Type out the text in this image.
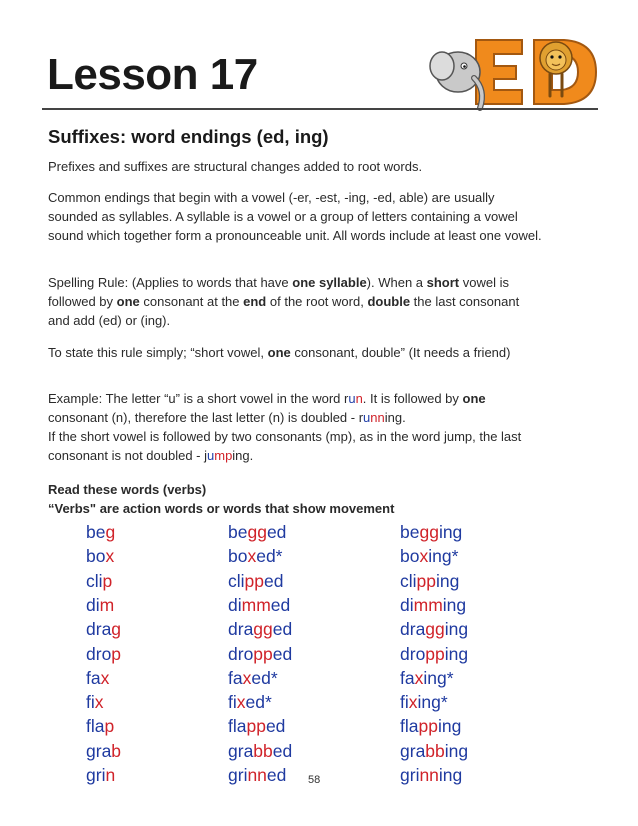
Lesson 17
Suffixes: word endings (ed, ing)
Prefixes and suffixes are structural changes added to root words.
Common endings that begin with a vowel (-er, -est, -ing, -ed, able) are usually
sounded as syllables. A syllable is a vowel or a group of letters containing a vowel
sound which together form a pronounceable unit. All words include at least one vowel.
Spelling Rule: (Applies to words that have one syllable). When a short vowel is
followed by one consonant at the end of the root word, double the last consonant
and add (ed) or (ing).
To state this rule simply; “short vowel, one consonant, double” (It needs a friend)
Example: The letter “u” is a short vowel in the word run. It is followed by one
consonant (n), therefore the last letter (n) is doubled - running.
If the short vowel is followed by two consonants (mp), as in the word jump, the last
consonant is not doubled - jumping.
Read these words (verbs)
“Verbs" are action words or words that show movement
beg	begged	begging
box	boxed*	boxing*
clip	clipped	clipping
dim	dimmed	dimming
drag	dragged	dragging
drop	dropped	dropping
fax	faxed*	faxing*
fix	fixed*	fixing*
flap	flapped	flapping
grab	grabbed	grabbing
grin	grinned	grinning
58
